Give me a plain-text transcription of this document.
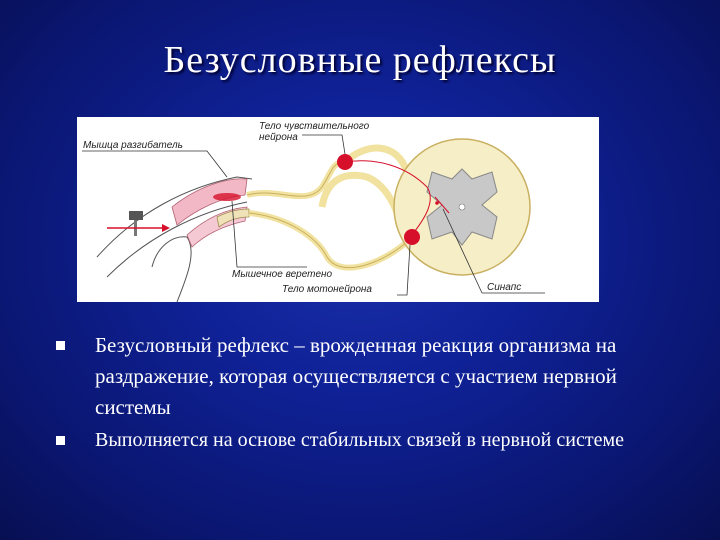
Безусловные рефлексы
Тело чувствительного
нейрона
Мышца разгибатель
Мышечное веретено
Тело мотонейрона	Синапс
Безусловный рефлекс – врожденная реакция организма на раздражение, которая осуществляется с участием нервной системы
Выполняется на основе стабильных связей в нервной системе
